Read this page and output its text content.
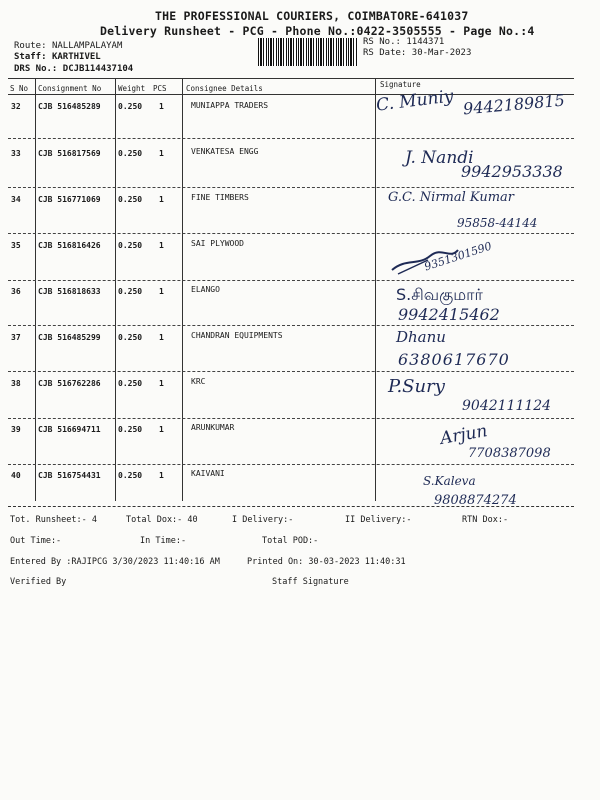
THE PROFESSIONAL COURIERS, COIMBATORE-641037
Delivery Runsheet - PCG - Phone No.:0422-3505555 - Page No.:4
Route: NALLAMPALAYAM
Staff: KARTHIVEL
DRS No.: DCJB114437104
RS No.: 1144371
RS Date: 30-Mar-2023
S No Consignment No Weight PCS	Consignee Details	Signature
32 CJB 516485289 0.250 1	MUNIAPPA TRADERS	C. Muniy 9442189815
33 CJB 516817569 0.250 1	VENKATESA ENGG	J. Nandi
9942953338
34 CJB 516771069 0.250 1	FINE TIMBERS	G.C. Nirmal Kumar
95858-44144
35 CJB 516816426 0.250 1	SAI PLYWOOD	9351301590
36 CJB 516818633 0.250 1	ELANGO	S.சிவகுமார்
9942415462
37 CJB 516485299 0.250 1	CHANDRAN EQUIPMENTS	Dhanu
6380617670
38 CJB 516762286 0.250 1	KRC	P.Sury
9042111124
39 CJB 516694711 0.250 1	ARUNKUMAR	Arjun
7708387098
40 CJB 516754431 0.250 1	KAIVANI
S.Kaleva
9808874274
Tot. Runsheet:- 4	Total Dox:- 40	I Delivery:-	II Delivery:-	RTN Dox:-
Out Time:-	In Time:-	Total POD:-
Entered By :RAJIPCG 3/30/2023 11:40:16 AM	Printed On: 30-03-2023 11:40:31
Verified By	Staff Signature
